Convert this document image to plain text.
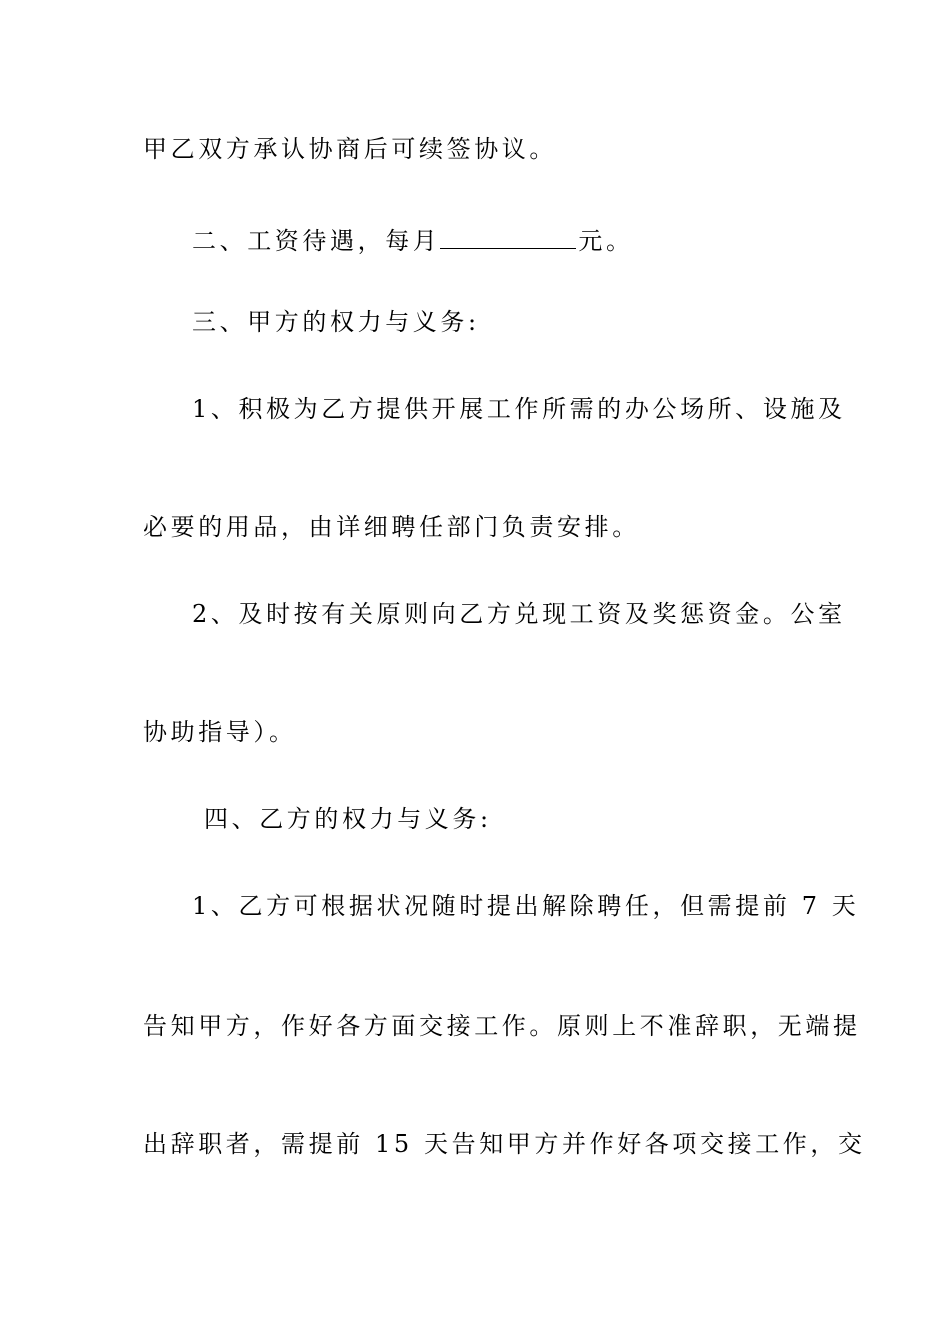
甲乙双方承认协商后可续签协议。
二、工资待遇，每月	元。
三、甲方的权力与义务:
1、积极为乙方提供开展工作所需的办公场所、设施及
必要的用品，由详细聘任部门负责安排。
2、及时按有关原则向乙方兑现工资及奖惩资金。公室
协助指导）。
四、乙方的权力与义务:
1、乙方可根据状况随时提出解除聘任，但需提前 7 天
告知甲方，作好各方面交接工作。原则上不准辞职，无端提
出辞职者，需提前 15 天告知甲方并作好各项交接工作，交
